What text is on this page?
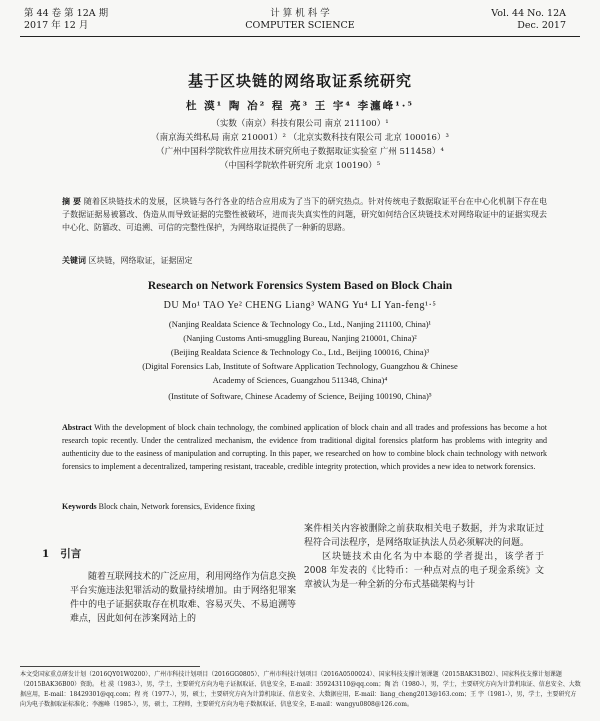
第 44 卷 第 12A 期
2017 年 12 月
计 算 机 科 学
COMPUTER SCIENCE
Vol. 44 No. 12A
Dec. 2017
基于区块链的网络取证系统研究
杜 漠¹ 陶 冶² 程 亮³ 王 宇⁴ 李瀍峰¹·⁵
（实数（南京）科技有限公司 南京 211100）¹
（南京海关缉私局 南京 210001）² （北京实数科技有限公司 北京 100016）³
（广州中国科学院软件应用技术研究所电子数据取证实验室 广州 511458）⁴
（中国科学院软件研究所 北京 100190）⁵
摘 要 随着区块链技术的发展，区块链与各行各业的结合应用成为了当下的研究热点。针对传统电子数据取证平台在中心化机制下存在电子数据证据易被篡改、伪造从而导致证据的完整性被破坏，进而丧失真实性的问题，研究如何结合区块链技术对网络取证中的证据实现去中心化、防篡改、可追溯、可信的完整性保护，为网络取证提供了一种新的思路。
关键词 区块链，网络取证，证据固定
Research on Network Forensics System Based on Block Chain
DU Mo¹ TAO Ye² CHENG Liang³ WANG Yu⁴ LI Yan-feng¹·⁵
(Nanjing Realdata Science & Technology Co., Ltd., Nanjing 211100, China)¹
(Nanjing Customs Anti-smuggling Bureau, Nanjing 210001, China)²
(Beijing Realdata Science & Technology Co., Ltd., Beijing 100016, China)³
(Digital Forensics Lab, Institute of Software Application Technology, Guangzhou & Chinese
Academy of Sciences, Guangzhou 511348, China)⁴
(Institute of Software, Chinese Academy of Science, Beijing 100190, China)⁵
Abstract With the development of block chain technology, the combined application of block chain and all trades and professions has become a hot research topic recently. Under the centralized mechanism, the evidence from traditional digital forensics platform has problems with integrity and authenticity due to the easiness of manipulation and corrupting. In this paper, we researched on how to combine block chain technology with network forensics to implement a decentralized, tampering resistant, traceable, credible integrity protection, which provides a new idea to network forensics.
Keywords Block chain, Network forensics, Evidence fixing
1 引言
随着互联网技术的广泛应用，利用网络作为信息交换平台实施违法犯罪活动的数量持续增加。由于网络犯罪案件中的电子证据获取存在机取难、容易灭失、不易追溯等难点，因此如何在涉案网站上的
案件相关内容被删除之前获取相关电子数据，并为求取证过程符合司法程序，是网络取证执法人员必须解决的问题。
区块链技术由化名为中本聪的学者提出，该学者于 2008 年发表的《比特币：一种点对点的电子现金系统》文章被认为是一种全新的分布式基础架构与计
本文受国家重点研发计划（2016QY01W0200）、广州市科技计划项目（2016GG0805）、广州市科技计划项目（2016A0500024）、国家科技支撑计划课题（2015BAK31B02）、国家科技支撑计划课题（2015BAK36B00）资助。 杜 漠（1983-），男，学士，主要研究方向为电子证据取证、信息安全，E-mail：359243110@qq.com；陶 冶（1980-），男，学士，主要研究方向为计算机取证、信息安全、大数据应用，E-mail：18429301@qq.com；程 亮（1977-），男，硕士，主要研究方向为计算机取证、信息安全、大数据应用，E-mail：liang_cheng2013@163.com；王 宇（1981-），男，学士，主要研究方向为电子数据取证标准化；李瀍峰（1985-），男，硕士，工程师，主要研究方向为电子数据取证、信息安全，E-mail：wangyu0808@126.com。
